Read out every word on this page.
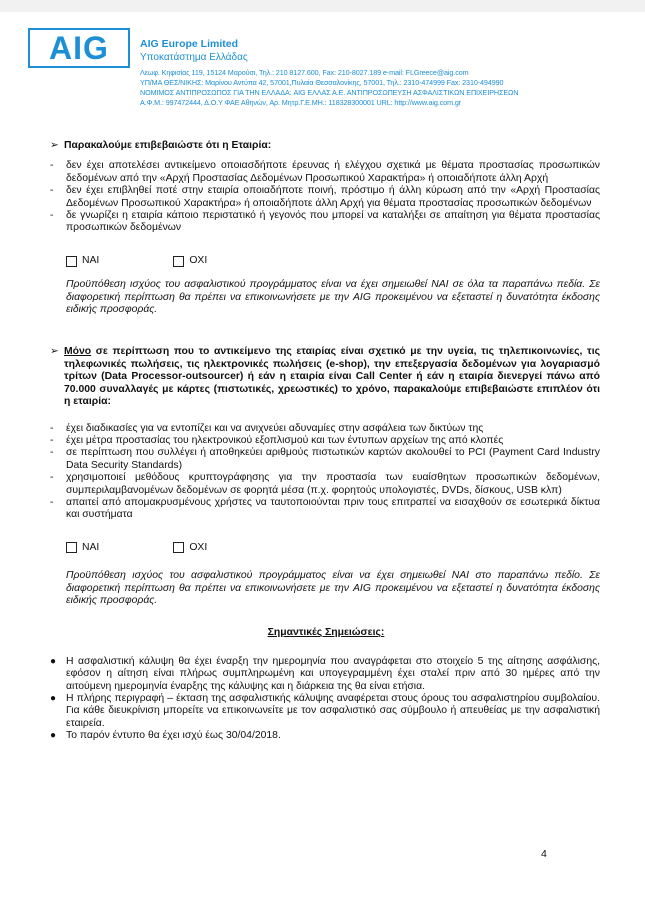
AIG	AIG Europe Limited
Υποκατάστημα Ελλάδας
Λεωφ. Κηφισίας 119, 15124 Μαρούσι, Τηλ.: 210 8127.600, Fax: 210-8027.189 e-mail: FLGreece@aig.com
ΥΠ/ΜΑ ΘΕΣ/ΝΙΚΗΣ: Μαρίνου Αντύπα 42, 57001,Πυλαία Θεσσαλονίκης, 57001, Τηλ.: 2310-474999 Fax: 2310-494990
ΝΟΜΙΜΟΣ ΑΝΤΙΠΡΟΣΩΠΟΣ ΓΙΑ ΤΗΝ ΕΛΛΑΔΑ: AIG ΕΛΛΑΣ Α.Ε. ΑΝΤΙΠΡΟΣΩΠΕΥΣΗ ΑΣΦΑΛΙΣΤΙΚΩΝ ΕΠΙΧΕΙΡΗΣΕΩΝ
Α.Φ.Μ.: 997472444, Δ.Ο.Υ ΦΑΕ Αθηνών, Αρ. Μητρ.Γ.Ε.ΜΗ.: 118328300001 URL: http://www.aig.com.gr
➢ Παρακαλούμε επιβεβαιώστε ότι η Εταιρία:
-	δεν έχει αποτελέσει αντικείμενο οποιασδήποτε έρευνας ή ελέγχου σχετικά με θέματα προστασίας προσωπικών δεδομένων από την «Αρχή Προστασίας Δεδομένων Προσωπικού Χαρακτήρα» ή οποιαδήποτε άλλη Αρχή
-	δεν έχει επιβληθεί ποτέ στην εταιρία οποιαδήποτε ποινή, πρόστιμο ή άλλη κύρωση από την «Αρχή Προστασίας Δεδομένων Προσωπικού Χαρακτήρα» ή οποιαδήποτε άλλη Αρχή για θέματα προστασίας προσωπικών δεδομένων
-	δε γνωρίζει η εταιρία κάποιο περιστατικό ή γεγονός που μπορεί να καταλήξει σε απαίτηση για θέματα προστασίας προσωπικών δεδομένων
ΝΑΙ	ΟΧΙ
Προϋπόθεση ισχύος του ασφαλιστικού προγράμματος είναι να έχει σημειωθεί ΝΑΙ σε όλα τα παραπάνω πεδία. Σε διαφορετική περίπτωση θα πρέπει να επικοινωνήσετε με την AIG προκειμένου να εξεταστεί η δυνατότητα έκδοσης ειδικής προσφοράς.
➢ Μόνο σε περίπτωση που το αντικείμενο της εταιρίας είναι σχετικό με την υγεία, τις τηλεπικοινωνίες, τις τηλεφωνικές πωλήσεις, τις ηλεκτρονικές πωλήσεις (e-shop), την επεξεργασία δεδομένων για λογαριασμό τρίτων (Data Processor-outsourcer) ή εάν η εταιρία είναι Call Center ή εάν η εταιρία διενεργεί πάνω από 70.000 συναλλαγές με κάρτες (πιστωτικές, χρεωστικές) το χρόνο, παρακαλούμε επιβεβαιώστε επιπλέον ότι η εταιρία:
-	έχει διαδικασίες για να εντοπίζει και να ανιχνεύει αδυναμίες στην ασφάλεια των δικτύων της
-	έχει μέτρα προστασίας του ηλεκτρονικού εξοπλισμού και των έντυπων αρχείων της από κλοπές
-	σε περίπτωση που συλλέγει ή αποθηκεύει αριθμούς πιστωτικών καρτών ακολουθεί το PCI (Payment Card Industry Data Security Standards)
-	χρησιμοποιεί μεθόδους κρυπτογράφησης για την προστασία των ευαίσθητων προσωπικών δεδομένων, συμπεριλαμβανομένων δεδομένων σε φορητά μέσα (π.χ. φορητούς υπολογιστές, DVDs, δίσκους, USB κλπ)
-	απαιτεί από απομακρυσμένους χρήστες να ταυτοποιούνται πριν τους επιτραπεί να εισαχθούν σε εσωτερικά δίκτυα και συστήματα
ΝΑΙ	ΟΧΙ
Προϋπόθεση ισχύος του ασφαλιστικού προγράμματος είναι να έχει σημειωθεί ΝΑΙ στο παραπάνω πεδίο. Σε διαφορετική περίπτωση θα πρέπει να επικοινωνήσετε με την AIG προκειμένου να εξεταστεί η δυνατότητα έκδοσης ειδικής προσφοράς.
Σημαντικές Σημειώσεις:
● Η ασφαλιστική κάλυψη θα έχει έναρξη την ημερομηνία που αναγράφεται στο στοιχείο 5 της αίτησης ασφάλισης, εφόσον η αίτηση είναι πλήρως συμπληρωμένη και υπογεγραμμένη έχει σταλεί πριν από 30 ημέρες από την αιτούμενη ημερομηνία έναρξης της κάλυψης και η διάρκεια της θα είναι ετήσια.
● Η πλήρης περιγραφή – έκταση της ασφαλιστικής κάλυψης αναφέρεται στους όρους του ασφαλιστηρίου συμβολαίου. Για κάθε διευκρίνιση μπορείτε να επικοινωνείτε με τον ασφαλιστικό σας σύμβουλο ή απευθείας με την ασφαλιστική εταιρεία.
● Το παρόν έντυπο θα έχει ισχύ έως 30/04/2018.
4
